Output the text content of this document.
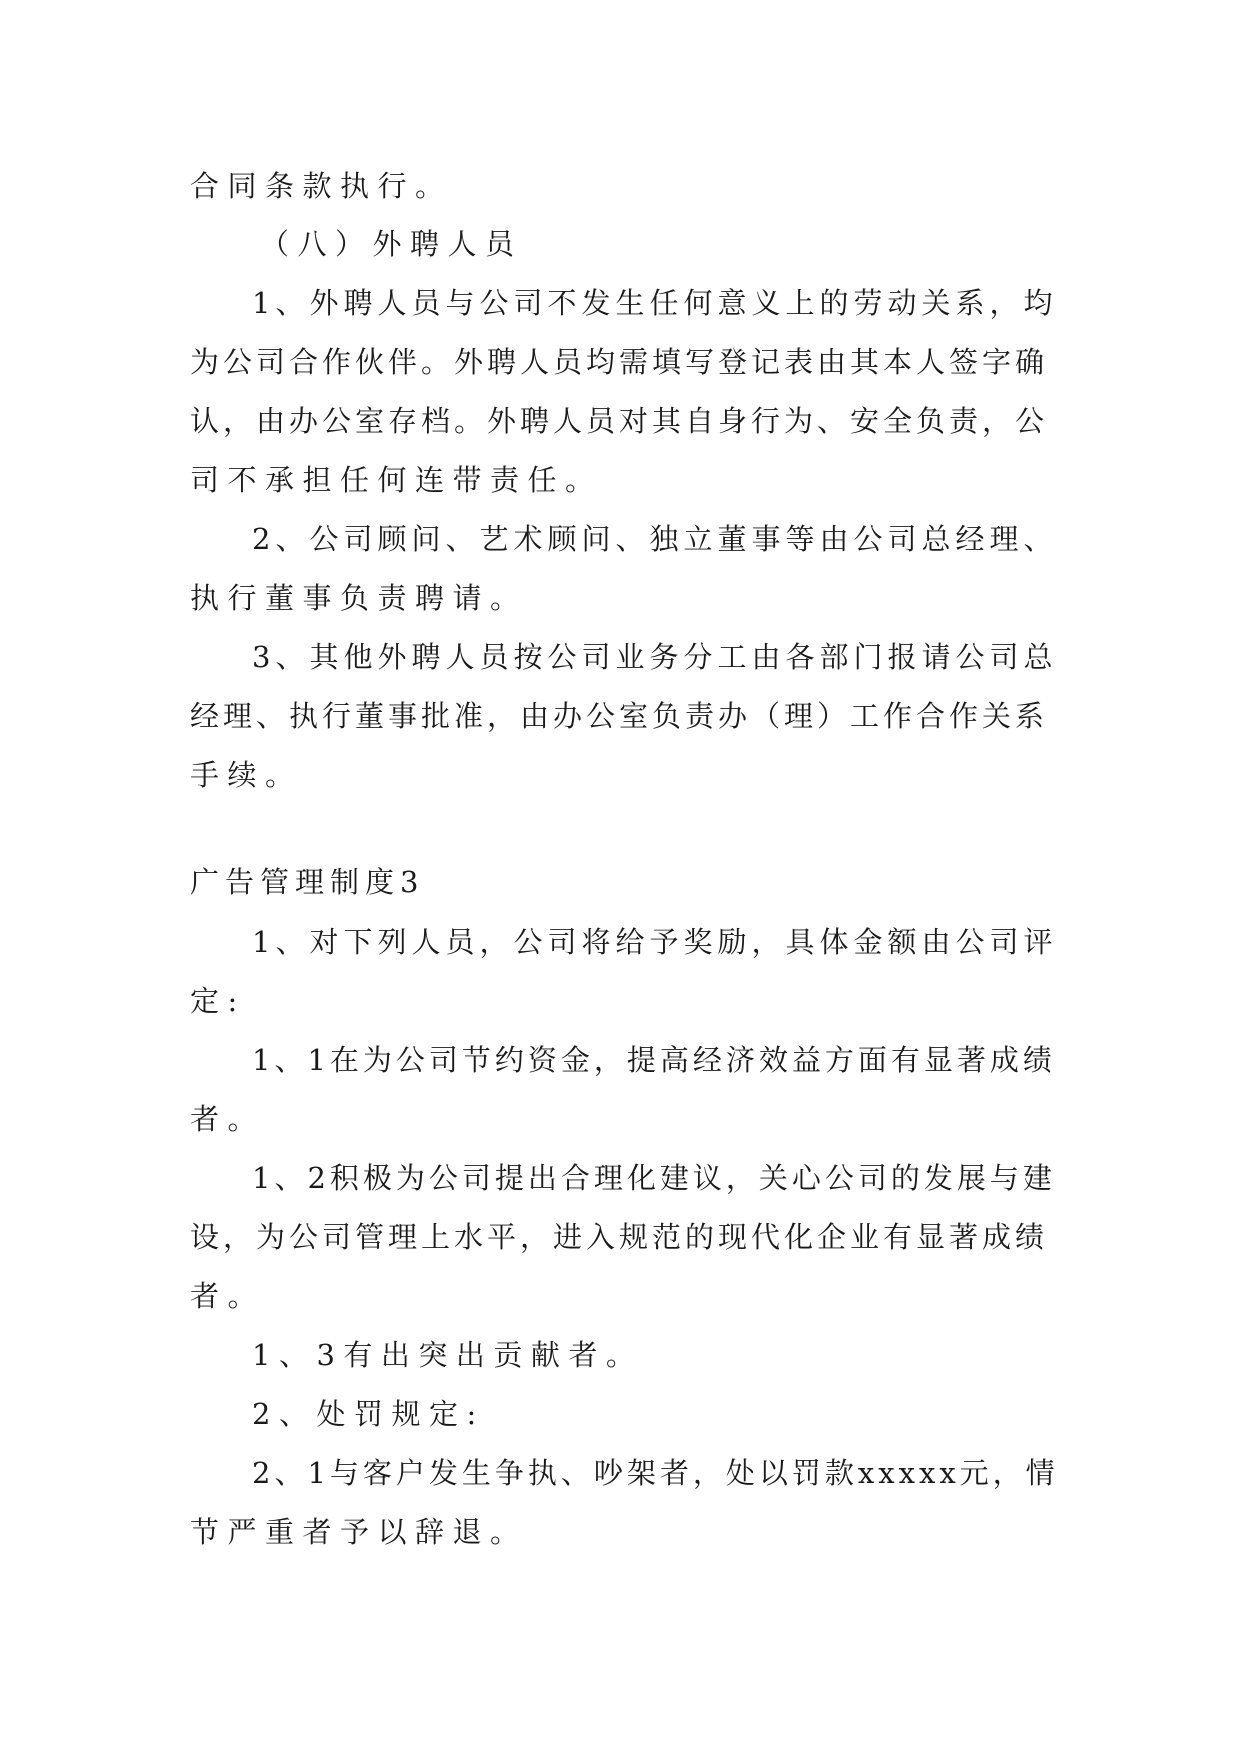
合同条款执行。
（八）外聘人员
1、外聘人员与公司不发生任何意义上的劳动关系，均
为公司合作伙伴。外聘人员均需填写登记表由其本人签字确
认，由办公室存档。外聘人员对其自身行为、安全负责，公
司不承担任何连带责任。
2、公司顾问、艺术顾问、独立董事等由公司总经理、
执行董事负责聘请。
3、其他外聘人员按公司业务分工由各部门报请公司总
经理、执行董事批准，由办公室负责办（理）工作合作关系
手续。
广告管理制度3
1、对下列人员，公司将给予奖励，具体金额由公司评
定:
1、1在为公司节约资金，提高经济效益方面有显著成绩
者。
1、2积极为公司提出合理化建议，关心公司的发展与建
设，为公司管理上水平，进入规范的现代化企业有显著成绩
者。
1、3有出突出贡献者。
2、处罚规定:
2、1与客户发生争执、吵架者，处以罚款xxxxx元，情
节严重者予以辞退。
